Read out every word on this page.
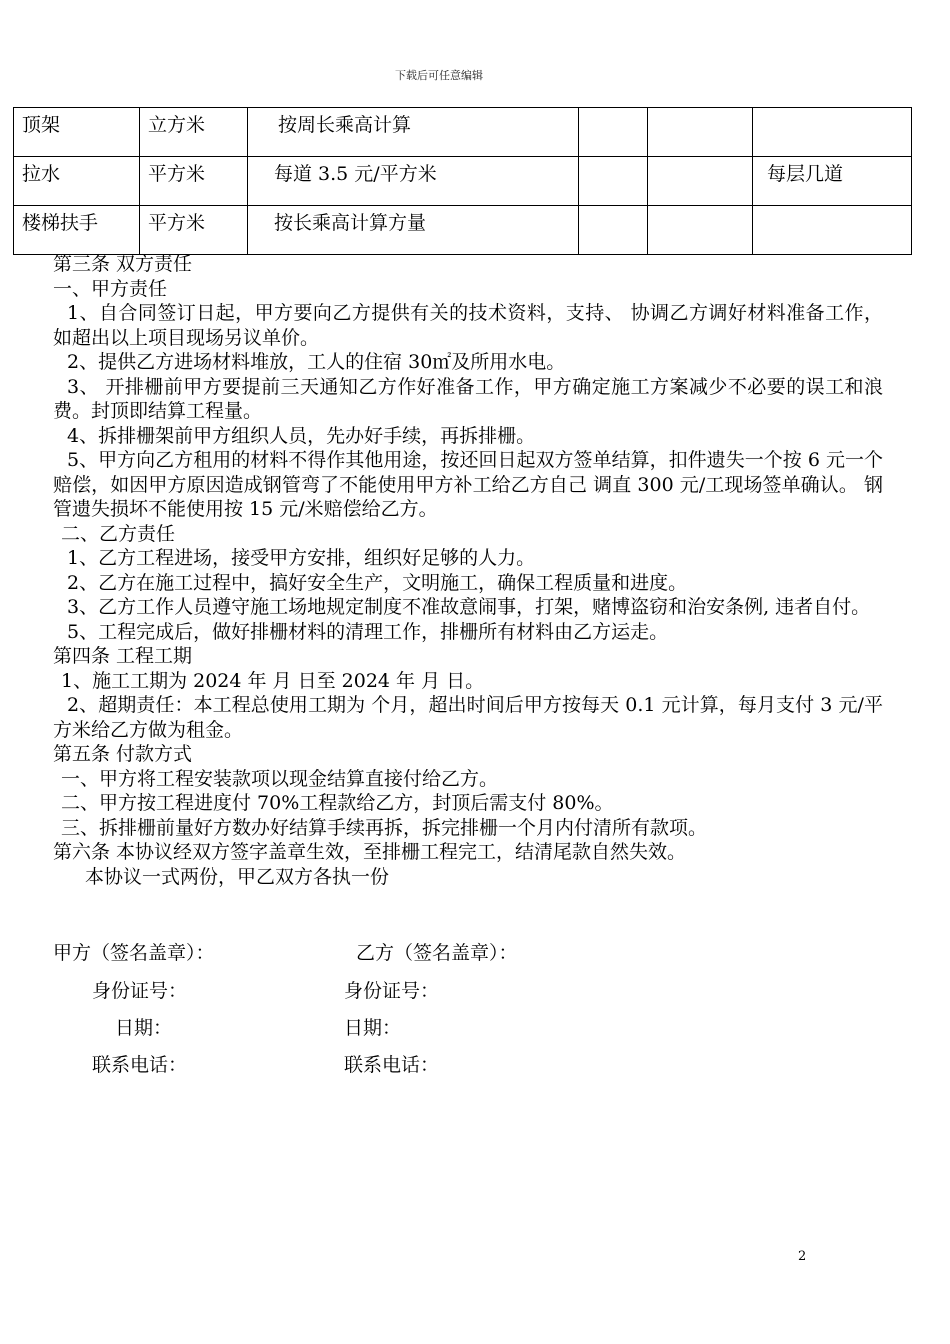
下载后可任意编辑
顶架	立方米	按周长乘高计算			
拉水	平方米	每道 3.5 元/平方米			每层几道
楼梯扶手	平方米	按长乘高计算方量			

第三条 双方责任

一、甲方责任

1、自合同签订日起，甲方要向乙方提供有关的技术资料，支持、 协调乙方调好材料准备工作，如超出以上项目现场另议单价。

2、提供乙方进场材料堆放，工人的住宿 30㎡及所用水电。

3、 开排栅前甲方要提前三天通知乙方作好准备工作，甲方确定施工方案减少不必要的误工和浪费。封顶即结算工程量。

4、拆排栅架前甲方组织人员，先办好手续，再拆排栅。

5、甲方向乙方租用的材料不得作其他用途，按还回日起双方签单结算，扣件遗失一个按 6 元一个赔偿，如因甲方原因造成钢管弯了不能使用甲方补工给乙方自己 调直 300 元/工现场签单确认。 钢管遗失损坏不能使用按 15 元/米赔偿给乙方。

二、乙方责任

1、乙方工程进场，接受甲方安排，组织好足够的人力。

2、乙方在施工过程中，搞好安全生产，文明施工，确保工程质量和进度。

3、乙方工作人员遵守施工场地规定制度不准故意闹事，打架，赌博盗窃和治安条例, 违者自付。

5、工程完成后，做好排栅材料的清理工作，排栅所有材料由乙方运走。

第四条 工程工期

1、施工工期为 2024 年 月 日至 2024 年 月 日。

2、超期责任：本工程总使用工期为 个月，超出时间后甲方按每天 0.1 元计算，每月支付 3 元/平方米给乙方做为租金。

第五条 付款方式

一、甲方将工程安装款项以现金结算直接付给乙方。

二、甲方按工程进度付 70%工程款给乙方，封顶后需支付 80%。

三、拆排栅前量好方数办好结算手续再拆，拆完排栅一个月内付清所有款项。

第六条 本协议经双方签字盖章生效，至排栅工程完工，结清尾款自然失效。

本协议一式两份，甲乙双方各执一份

甲方（签名盖章）：	乙方（签名盖章）：
身份证号：	身份证号：
日期：	日期：
联系电话：	联系电话：
2
